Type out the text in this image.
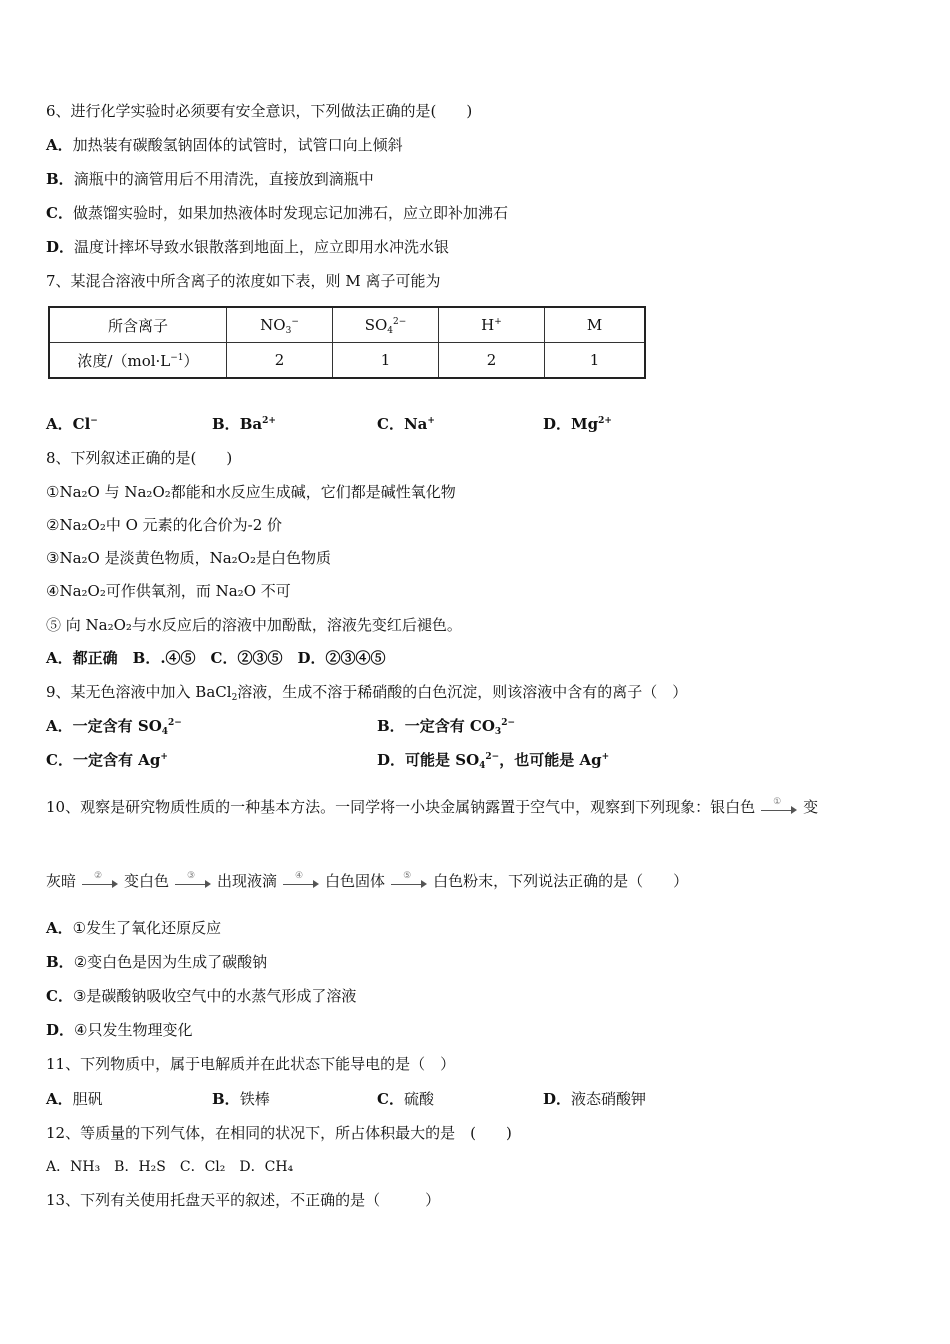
6、进行化学实验时必须要有安全意识，下列做法正确的是(　　)
A．加热装有碳酸氢钠固体的试管时，试管口向上倾斜
B．滴瓶中的滴管用后不用清洗，直接放到滴瓶中
C．做蒸馏实验时，如果加热液体时发现忘记加沸石，应立即补加沸石
D．温度计摔坏导致水银散落到地面上，应立即用水冲洗水银
7、某混合溶液中所含离子的浓度如下表，则 M 离子可能为
所含离子	$NO_3^-$	$SO_4^{2-}$	H+	M
浓度$/(mol\cdot L^{-1})$	2	1	2	1
A．Cl−	B．$Ba^{2+}$	C．Na+	D．$Mg^{2+}$
8、下列叙述正确的是(　　)
①Na₂O 与 Na₂O₂都能和水反应生成碱，它们都是碱性氧化物
②Na₂O₂中 O 元素的化合价为-2 价
③Na₂O 是淡黄色物质，Na₂O₂是白色物质
④Na₂O₂可作供氧剂，而 Na₂O 不可
⑤ 向 Na₂O₂与水反应后的溶液中加酚酞，溶液先变红后褪色。
A．都正确　B．.④⑤　C．②③⑤　D．②③④⑤
9、某无色溶液中加入 BaCl$_2$溶液，生成不溶于稀硝酸的白色沉淀，则该溶液中含有的离子（　）
A．一定含有 $SO_4^{2-}$	B．一定含有 $CO_3^{2-}$
C．一定含有 Ag+	D．可能是 $SO_4^{2-}$，也可能是 Ag+
10、观察是研究物质性质的一种基本方法。一同学将一小块金属钠露置于空气中，观察到下列现象：银白色 ① 变
灰暗 ② 变白色 ③ 出现液滴 ④ 白色固体 ⑤ 白色粉末，下列说法正确的是（　　）
A．①发生了氧化还原反应
B．②变白色是因为生成了碳酸钠
C．③是碳酸钠吸收空气中的水蒸气形成了溶液
D．④只发生物理变化
11、下列物质中，属于电解质并在此状态下能导电的是（　）
A．胆矾	B．铁棒	C．硫酸	D．液态硝酸钾
12、等质量的下列气体，在相同的状况下，所占体积最大的是　(　　)
A．NH₃　B．H₂S　C．Cl₂　D．CH₄
13、下列有关使用托盘天平的叙述，不正确的是（　　　）
